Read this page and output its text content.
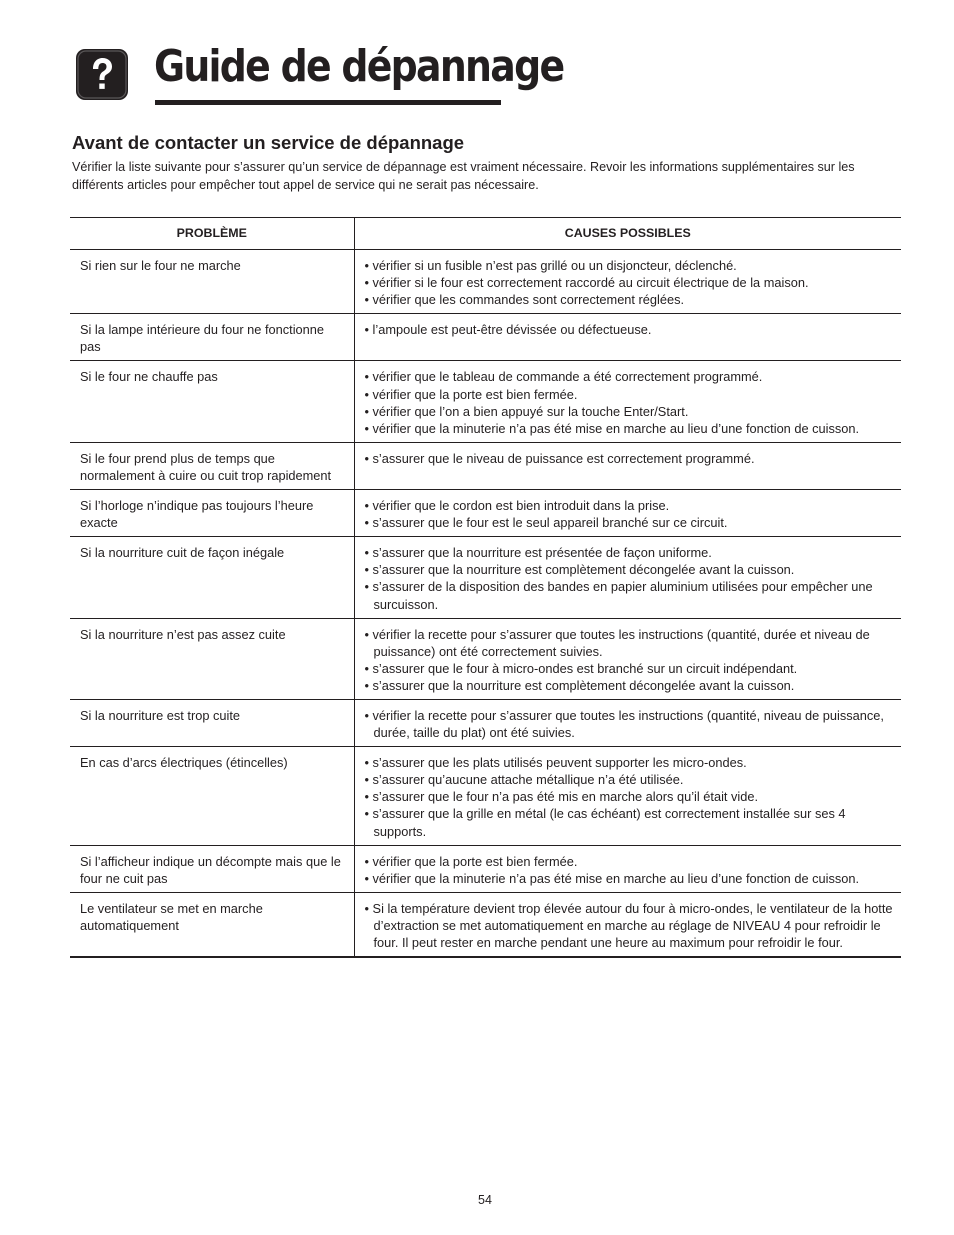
Guide de dépannage
Avant de contacter un service de dépannage

Vérifier la liste suivante pour s’assurer qu’un service de dépannage est vraiment nécessaire. Revoir les informations supplémentaires sur les différents articles pour empêcher tout appel de service qui ne serait pas nécessaire.

PROBLÈME	CAUSES POSSIBLES
Si rien sur le four ne marche	• vérifier si un fusible n’est pas grillé ou un disjoncteur, déclenché.
• vérifier si le four est correctement raccordé au circuit électrique de la maison.
• vérifier que les commandes sont correctement réglées.

Si la lampe intérieure du four ne fonctionne pas	• l’ampoule est peut-être dévissée ou défectueuse.

Si le four ne chauffe pas	• vérifier que le tableau de commande a été correctement programmé.
• vérifier que la porte est bien fermée.
• vérifier que l’on a bien appuyé sur la touche Enter/Start.
• vérifier que la minuterie n’a pas été mise en marche au lieu d’une fonction de cuisson.

Si le four prend plus de temps que normalement à cuire ou cuit trop rapidement	• s’assurer que le niveau de puissance est correctement programmé.

Si l’horloge n’indique pas toujours l’heure exacte	• vérifier que le cordon est bien introduit dans la prise.
• s’assurer que le four est le seul appareil branché sur ce circuit.

Si la nourriture cuit de façon inégale	• s’assurer que la nourriture est présentée de façon uniforme.
• s’assurer que la nourriture est complètement décongelée avant la cuisson.
• s’assurer de la disposition des bandes en papier aluminium utilisées pour empêcher une surcuisson.

Si la nourriture n’est pas assez cuite	• vérifier la recette pour s’assurer que toutes les instructions (quantité, durée et niveau de puissance) ont été correctement suivies.
• s’assurer que le four à micro-ondes est branché sur un circuit indépendant.
• s’assurer que la nourriture est complètement décongelée avant la cuisson.

Si la nourriture est trop cuite	• vérifier la recette pour s’assurer que toutes les instructions (quantité, niveau de puissance, durée, taille du plat) ont été suivies.

En cas d’arcs électriques (étincelles)	• s’assurer que les plats utilisés peuvent supporter les micro-ondes.
• s’assurer qu’aucune attache métallique n’a été utilisée.
• s’assurer que le four n’a pas été mis en marche alors qu’il était vide.
• s’assurer que la grille en métal (le cas échéant) est correctement installée sur ses 4 supports.

Si l’afficheur indique un décompte mais que le four ne cuit pas	• vérifier que la porte est bien fermée.
• vérifier que la minuterie n’a pas été mise en marche au lieu d’une fonction de cuisson.

Le ventilateur se met en marche automatiquement	• Si la température devient trop élevée autour du four à micro-ondes, le ventilateur de la hotte d’extraction se met automatiquement en marche au réglage de NIVEAU 4 pour refroidir le four. Il peut rester en marche pendant une heure au maximum pour refroidir le four.
54
